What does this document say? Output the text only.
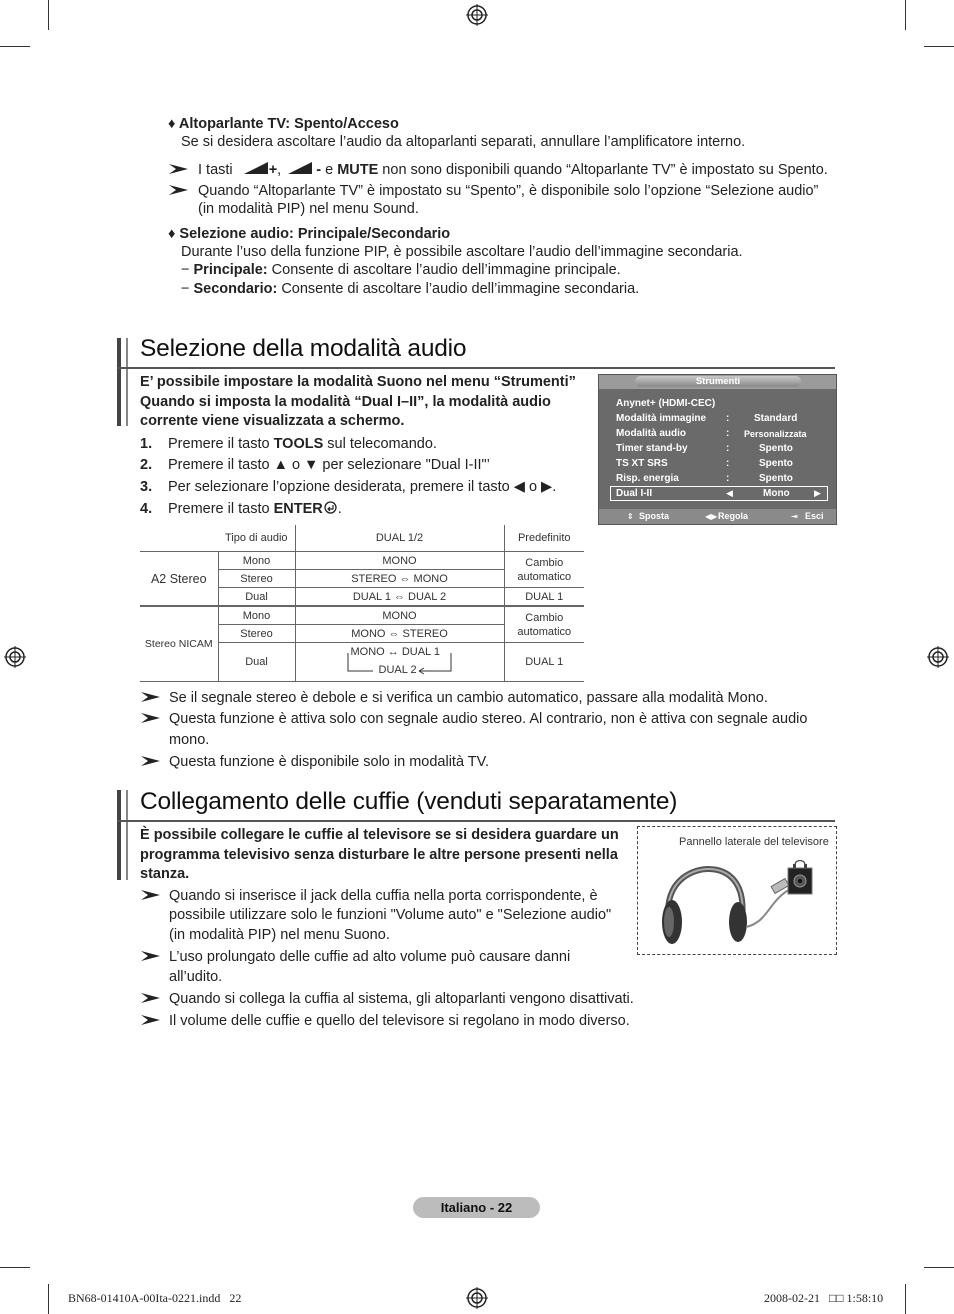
♦ Altoparlante TV: Spento/Acceso
Se si desidera ascoltare l’audio da altoparlanti separati, annullare l’amplificatore interno.
I tasti +, - e MUTE non sono disponibili quando “Altoparlante TV” è impostato su Spento.
Quando “Altoparlante TV” è impostato su “Spento”, è disponibile solo l’opzione “Selezione audio”
(in modalità PIP) nel menu Sound.
♦ Selezione audio: Principale/Secondario
Durante l’uso della funzione PIP, è possibile ascoltare l’audio dell’immagine secondaria.
− Principale: Consente di ascoltare l’audio dell’immagine principale.
− Secondario: Consente di ascoltare l’audio dell’immagine secondaria.
Selezione della modalità audio
E’ possibile impostare la modalità Suono nel menu “Strumenti”
Quando si imposta la modalità “Dual I–II”, la modalità audio
corrente viene visualizzata a schermo.
1. Premere il tasto TOOLS sul telecomando.
2. Premere il tasto ▲ o ▼ per selezionare "Dual I-II"’
3. Per selezionare l’opzione desiderata, premere il tasto ◀ o ▶.
4. Premere il tasto ENTER .
Strumenti
Anynet+ (HDMI-CEC)
Modalità immagine : Standard
Modalità audio	: Personalizzata
Timer stand-by	:	Spento
TS XT SRS	:	Spento
Risp. energia	:	Spento
Dual I-II	◀	Mono	▶
⇕ Sposta	◀▶ Regola	⇥ Esci
	Tipo di audio	DUAL 1/2	Predefinito
A2 Stereo	Mono	MONO	Cambio automatico
	Stereo	STEREO ⇔ MONO	
	Dual	DUAL 1 ⇔ DUAL 2	DUAL 1
Stereo NICAM	Mono	MONO	Cambio automatico
	Stereo	MONO ⇔ STEREO	
	Dual	MONO ↔ DUAL 1
DUAL 2	DUAL 1
Se il segnale stereo è debole e si verifica un cambio automatico, passare alla modalità Mono.
Questa funzione è attiva solo con segnale audio stereo. Al contrario, non è attiva con segnale audio
mono.
Questa funzione è disponibile solo in modalità TV.
Collegamento delle cuffie (venduti separatamente)
È possibile collegare le cuffie al televisore se si desidera guardare un
programma televisivo senza disturbare le altre persone presenti nella
stanza.
Quando si inserisce il jack della cuffia nella porta corrispondente, è
possibile utilizzare solo le funzioni "Volume auto" e "Selezione audio"
(in modalità PIP) nel menu Suono.
L’uso prolungato delle cuffie ad alto volume può causare danni
all’udito.
Quando si collega la cuffia al sistema, gli altoparlanti vengono disattivati.
Il volume delle cuffie e quello del televisore si regolano in modo diverso.
Pannello laterale del televisore
Italiano - 22
BN68-01410A-00Ita-0221.indd   22	2008-02-21   □□ 1:58:10
